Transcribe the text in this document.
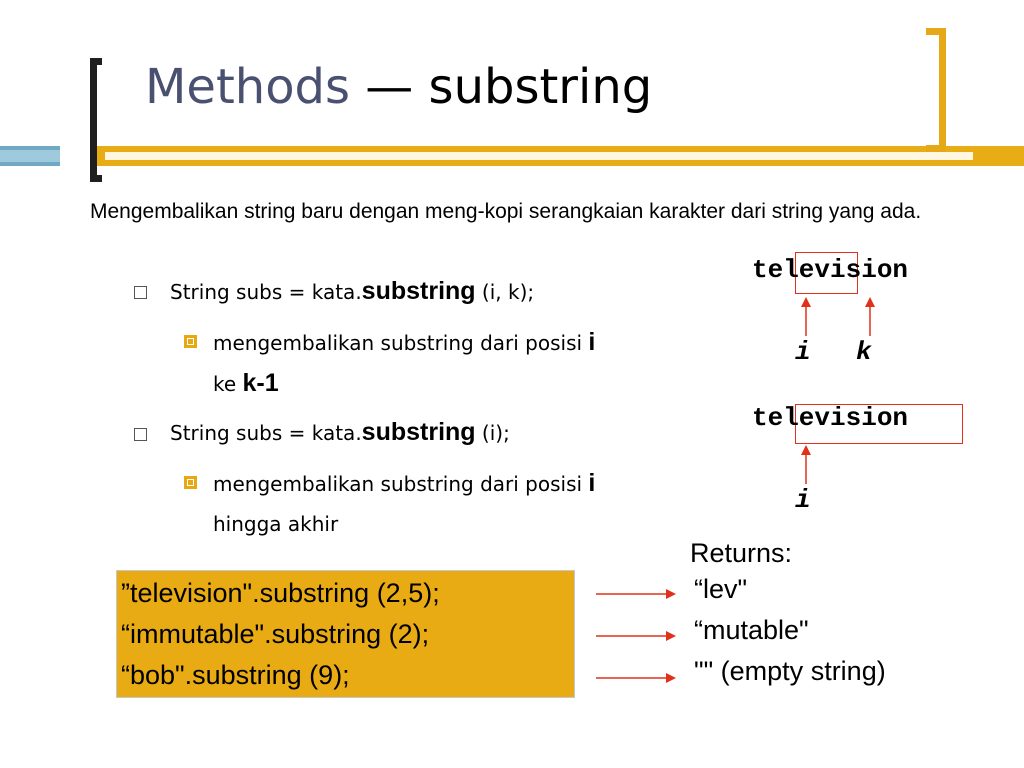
Methods — substring
Mengembalikan string baru dengan meng-kopi serangkaian karakter dari string yang ada.
String subs = kata.substring (i, k);
mengembalikan substring dari posisi i
ke k-1
String subs = kata.substring (i);
mengembalikan substring dari posisi i
hingga akhir
television
i k
television
i
”television".substring (2,5);
“immutable".substring (2);
“bob".substring (9);
Returns:
“lev"
“mutable"
"" (empty string)
